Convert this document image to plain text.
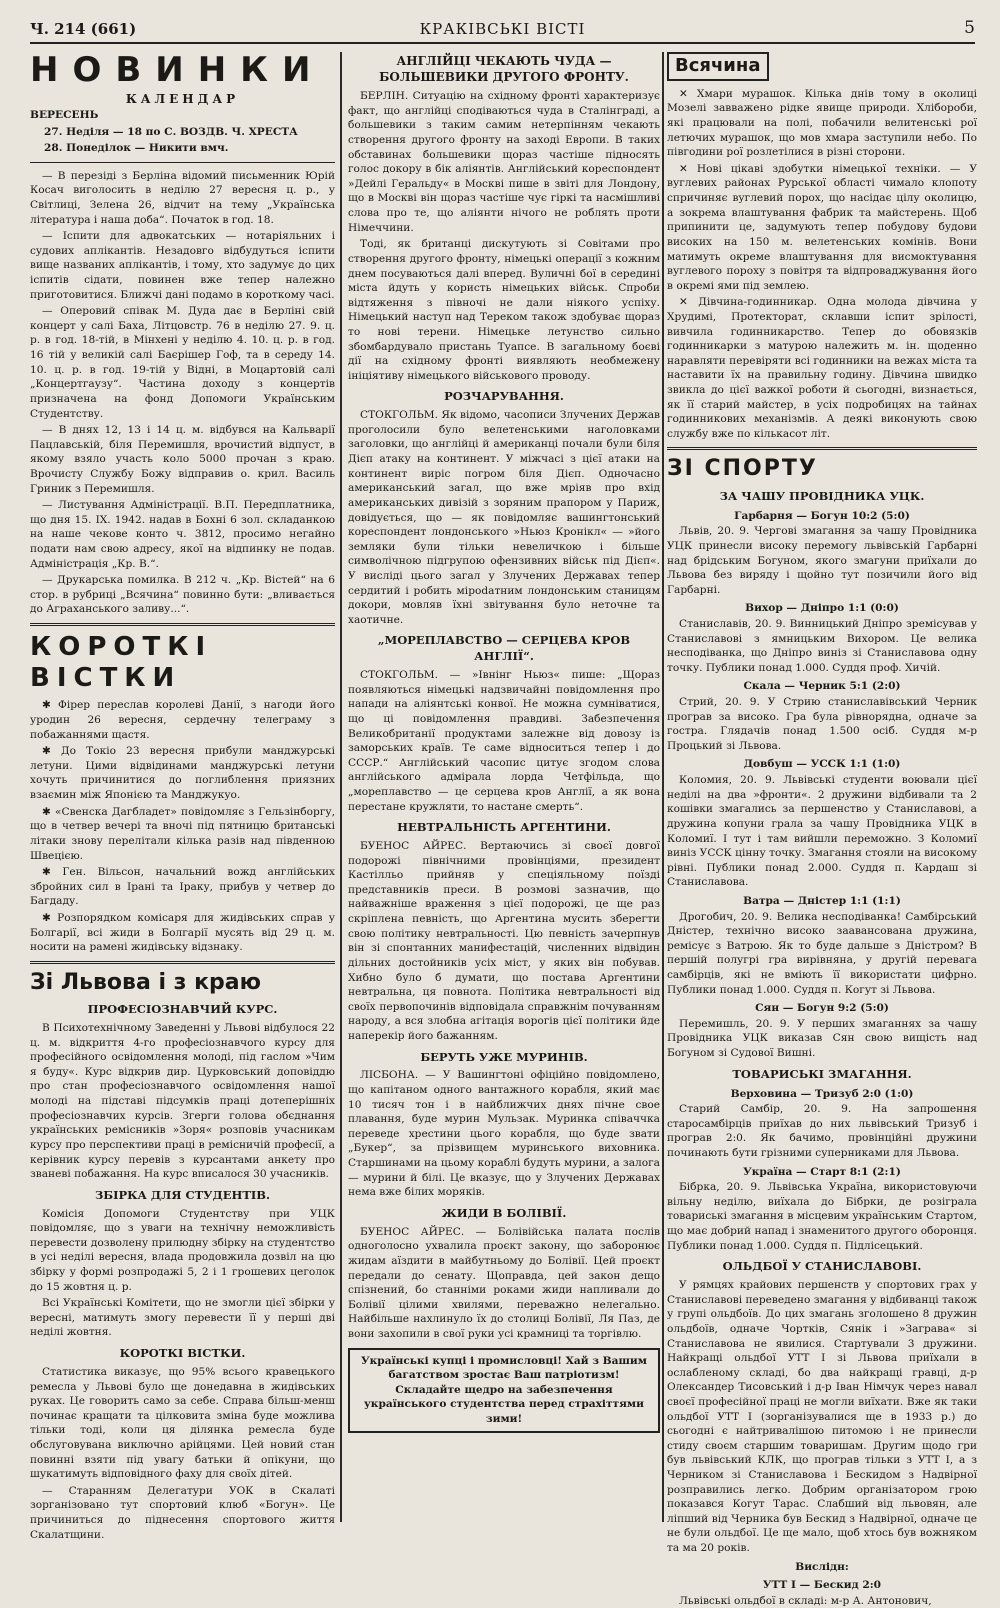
Ч. 214 (661)	КРАКІВСЬКІ ВІСТІ	5
НОВИНКИ
КАЛЕНДАР

ВЕРЕСЕНЬ

27. Неділя — 18 по С. ВОЗДВ. Ч. ХРЕСТА

28. Понеділок — Никити вмч.

— В перезіді з Берліна відомий письменник Юрій Косач виголосить в неділю 27 вересня ц. р., у Світлиці, Зелена 26, відчит на тему „Українська література і наша доба“. Початок в год. 18.

— Іспити для адвокатських — нотаріяльних і судових аплікантів. Незадовго відбудуться іспити вище названих аплікантів, і тому, хто задумує до цих іспитів сідати, повинен вже тепер належно приготовитися. Ближчі дані подамо в короткому часі.

— Оперовий співак М. Дуда дає в Берліні свій концерт у салі Баха, Літцовстр. 76 в неділю 27. 9. ц. р. в год. 18-тій, в Мінхені у неділю 4. 10. ц. р. в год. 16 тій у великій салі Баєрішер Гоф, та в середу 14. 10. ц. р. в год. 19-тій у Відні, в Моцартовій салі „Концертгаузу“. Частина доходу з концертів призначена на фонд Допомоги Українським Студентству.

— В днях 12, 13 і 14 ц. м. відбувся на Кальварії Пацлавській, біля Перемишля, врочистий відпуст, в якому взяло участь коло 5000 прочан з краю. Врочисту Службу Божу відправив о. крил. Василь Гриник з Перемишля.

— Листування Адміністрації. В.П. Передплатника, що дня 15. IX. 1942. надав в Бохні 6 зол. складанкою на наше чекове конто ч. 3812, просимо негайно подати нам свою адресу, якої на відпинку не подав. Адміністрація „Кр. В.“.

— Друкарська помилка. В 212 ч. „Кр. Вістей“ на 6 стор. в рубриці „Всячина“ повинно бути: „вливається до Аграханського заливу...“.

КОРОТКІ ВІСТКИ

✱ Фірер переслав королеві Данії, з нагоди його уродин 26 вересня, сердечну телеграму з побажаннями щастя.

✱ До Токіо 23 вересня прибули манджурські летуни. Цими відвідинами манджурські летуни хочуть причинитися до поглиблення приязних взаємин між Японією та Манджукуо.

✱ «Свенска Дагбладет» повідомляє з Гельзінборгу, що в четвер вечері та вночі під пятницю британські літаки знову перелітали кілька разів над південною Швецією.

✱ Ген. Вільсон, начальний вожд англійських збройних сил в Ірані та Іраку, прибув у четвер до Багдаду.

✱ Розпорядком комісаря для жидівських справ у Болгарії, всі жиди в Болгарії мусять від 29 ц. м. носити на рамені жидівську відзнаку.

Зі Львова і з краю

ПРОФЕСІОЗНАВЧИЙ КУРС.

В Психотехнічному Заведенні у Львові відбулося 22 ц. м. відкриття 4-го професіознавчого курсу для професійного освідомлення молоді, під гаслом »Чим я буду«. Курс відкрив дир. Цурковський доповіддю про стан професіознавчого освідомлення нашої молоді на підставі підсумків праці дотеперішніх професіознавчих курсів. Згерги голова обєднання українських ремісників »Зоря« розповів учасникам курсу про перспективи праці в ремісничій професії, а керівник курсу перевів з курсантами анкету про званеві побажання. На курс вписалося 30 учасників.

ЗБІРКА ДЛЯ СТУДЕНТІВ.

Комісія Допомоги Студентству при УЦК повідомляє, що з уваги на технічну неможливість перевести дозволену прилюдну збірку на студентство в усі неділі вересня, влада продовжила дозвіл на цю збірку у формі розпродажі 5, 2 і 1 грошевих цеголок до 15 жовтня ц. р.

Всі Українські Комітети, що не змогли цієї збірки у вересні, матимуть змогу перевести її у перші дві неділі жовтня.

КОРОТКІ ВІСТКИ.

Статистика виказує, що 95% всього кравецького ремесла у Львові було ще донедавна в жидівських руках. Це говорить само за себе. Справа більш-менш починає кращати та цілковита зміна буде можлива тільки тоді, коли ця ділянка ремесла буде обслуговувана виключно арійцями. Цей новий стан повинні взяти під увагу батьки й опікуни, що шукатимуть відповідного фаху для своїх дітей.

— Старанням Делегатури УОК в Скалаті зорганізовано тут спортовий клюб «Богун». Це причиниться до піднесення спортового життя Скалатщини.

АНГЛІЙЦІ ЧЕКАЮТЬ ЧУДА — БОЛЬШЕВИКИ ДРУГОГО ФРОНТУ.

БЕРЛІН. Ситуацію на східному фронті характеризує факт, що англійці сподіваються чуда в Сталінграді, а большевики з таким самим нетерпінням чекають створення другого фронту на заході Европи. В таких обставинах большевики щораз частіше підносять голос докору в бік аліянтів. Англійський кореспондент »Дейлі Геральду« в Москві пише в звіті для Лондону, що в Москві він щораз частіше чує гіркі та насмішливі слова про те, що аліянти нічого не роблять проти Німеччини.

Тоді, як британці дискутують зі Совітами про створення другого фронту, німецькі операції з кожним днем посуваються далі вперед. Вуличні бої в середині міста йдуть у користь німецьких військ. Спроби відтяження з півночі не дали ніякого успіху. Німецький наступ над Тереком також здобуває щораз то нові терени. Німецьке летунство сильно збомбардувало пристань Туапсе. В загальному боєві дії на східному фронті виявляють необмежену ініціятиву німецького військового проводу.

РОЗЧАРУВАННЯ.

СТОКГОЛЬМ. Як відомо, часописи Злучених Держав проголосили було велетенськими наголовками заголовки, що англійці й американці почали були біля Дієп атаку на континент. У міжчасі з цієї атаки на континент виріс погром біля Дієп. Одночасно американський загал, що вже мріяв про вхід американських дивізій з зоряним прапором у Париж, довідується, що — як повідомляє вашингтонський кореспондент лондонського »Ньюз Кронікл« — »його земляки були тільки невеличкою і більше символічною підгрупою офензивних військ під Дієп«. У висліді цього загал у Злучених Державах тепер сердитий і робить мірodатним лондонським станицям докори, мовляв їхні звітування було неточне та хаотичне.

„МОРЕПЛАВСТВО — СЕРЦЕВА КРОВ АНГЛІЇ“.

СТОКГОЛЬМ. — »Івнінг Ньюз« пише: „Щораз появляються німецькі надзвичайні повідомлення про напади на аліянтські конвої. Не можна сумніватися, що ці повідомлення правдиві. Забезпечення Великобританії продуктами залежне від довозу із заморських країв. Те саме відноситься тепер і до СССР.“ Англійський часопис цитує згодом слова англійського адмірала лорда Четфільда, що „мореплавство — це серцева кров Англії, а як вона перестане кружляти, то настане смерть“.

НЕВТРАЛЬНІСТЬ АРГЕНТИНИ.

БУЕНОС АЙРЕС. Вертаючись зі своєї довгої подорожі північними провінціями, президент Кастілльо прийняв у спеціяльному поїзді представників преси. В розмові зазначив, що найважніше враження з цієї подорожі, це ще раз скріплена певність, що Аргентина мусить зберегти свою політику невтральності. Цю певність зачерпнув він зі спонтанних манифестацій, численних відвідин дільних достойників усіх міст, у яких він побував. Хибно було б думати, що постава Аргентини невтральна, ця повнота. Політика невтральності від своїх первопочинів відповідала справжнім почуванням народу, а вся злобна агітація ворогів цієї політики йде наперекір його бажанням.

БЕРУТЬ УЖЕ МУРИНІВ.

ЛІСБОНА. — У Вашингтоні офіційно повідомлено, що капітаном одного вантажного корабля, який має 10 тисяч тон і в найближчих днях пічне свое плавання, буде мурин Мульзак. Муринка співаччка переведе хрестини цього корабля, що буде звати „Букер“, за прізвищем муринського виховника. Старшинами на цьому кораблі будуть мурини, а залога — мурини й білі. Це вказує, що у Злучених Державах нема вже білих моряків.

ЖИДИ В БОЛІВІЇ.

БУЕНОС АЙРЕС. — Болівійська палата послів одноголосно ухвалила проєкт закону, що заборонює жидам аїздити в майбутньому до Болівії. Цей проєкт передали до сенату. Щоправда, цей закон дещо спізнений, бо станніми роками жиди напливали до Болівії цілими хвилями, переважно нелегально. Найбільше нахлинуло їх до столиці Болівії, Ля Паз, де вони захопили в свої руки усі крамниці та торгівлю.

Українські купці і промисловці! Хай з Вашим багатством зростає Ваш патріотизм! Складайте щедро на забезпечення українського студентства перед страхіттями зими!

Всячина

✕ Хмари мурашок. Кілька днів тому в околиці Мозелі завважено рідке явище природи. Хлібороби, які працювали на полі, побачили велитенські рої летючих мурашок, що мов хмара заступили небо. По півгодини рої розлетілися в різні сторони.

✕ Нові цікаві здобутки німецької техніки. — У вуглевих районах Рурської області чимало клопоту спричиняє вуглевий порох, що насідає цілу околицю, а зокрема влаштування фабрик та майстерень. Щоб припинити це, задумують тепер побудову будови високих на 150 м. велетенських комінів. Вони матимуть окреме влаштування для висмоктування вуглевого пороху з повітря та відпроваджування його в окремі ями під землею.

✕ Дівчина-годинникар. Одна молода дівчина у Хрудимі, Протекторат, склавши іспит зрілості, вивчила годинникарство. Тепер до обовязків годинникарки з матурою належить м. ін. щоденно наравляти перевіряти всі годинники на вежах міста та наставити їх на правильну годину. Дівчина швидко звикла до цієї важкої роботи й сьогодні, визнається, як її старий майстер, в усіх подробицях на тайнах годинникових механізмів. А деякі виконують свою службу вже по кількасот літ.

ЗІ СПОРТУ

ЗА ЧАШУ ПРОВІДНИКА УЦК.

Гарбарня — Богун 10:2 (5:0)

Львів, 20. 9. Чергові змагання за чашу Провідника УЦК принесли високу перемогу львівській Гарбарні над брідським Богуном, якого змагуни приїхали до Львова без виряду і щойно тут позичили його від Гарбарні.

Вихор — Дніпро 1:1 (0:0)

Станиславів, 20. 9. Винницький Дніпро зремісував у Станиславові з ямницьким Вихором. Це велика несподіванка, що Дніпро виніз зі Станиславова одну точку. Публики понад 1.000. Суддя проф. Хичій.

Скала — Черник 5:1 (2:0)

Стрий, 20. 9. У Стрию станиславівський Черник програв за високо. Гра була рівнорядна, одначе за гостра. Глядачів понад 1.500 осіб. Суддя м-р Процький зі Львова.

Довбуш — УССК 1:1 (1:0)

Коломия, 20. 9. Львівські студенти воювали цієї неділі на два »фронти«. 2 дружини відбивали та 2 кошівки змагались за першенство у Станиславові, а дружина копуни грала за чашу Провідника УЦК в Коломиї. І тут і там вийшли переможно. З Коломиї виніз УССК цінну точку. Змагання стояли на високому рівні. Публики понад 2.000. Суддя п. Кардаш зі Станиславова.

Ватра — Дністер 1:1 (1:1)

Дрогобич, 20. 9. Велика несподіванка! Самбірський Дністер, технічно високо зааванcована дружина, ремісує з Ватрою. Як то буде дальше з Дністром? В першій полугрі гра вирівняна, у другій перевага самбірців, які не вміють її використати цифрно. Публики понад 1.000. Суддя п. Когут зі Львова.

Сян — Богун 9:2 (5:0)

Перемишль, 20. 9. У перших змаганнях за чашу Провідника УЦК виказав Сян свою вищість над Богуном зі Судової Вишні.

ТОВАРИСЬКІ ЗМАГАННЯ.

Верховина — Тризуб 2:0 (1:0)

Старий Самбір, 20. 9. На запрошення старосамбірців приїхав до них львівський Тризуб і програв 2:0. Як бачимо, провінційні дружини починають бути грізними суперниками для Львова.

Україна — Старт 8:1 (2:1)

Бібрка, 20. 9. Львівська Україна, використовуючи вільну неділю, виїхала до Бібрки, де розіграла товариські змагання в місцевим українським Стартом, що має добрий напад і знаменитого другого оборонця. Публики понад 1.000. Суддя п. Підлісецький.

ОЛЬДБОЇ У СТАНИСЛАВОВІ.

У рямцях крайових першенств у спортових грах у Станиславові переведено змагання у відбиванці також у групі ольдбоїв. До цих змагань зголошено 8 дружин ольдбоїв, одначе Чортків, Сянік і »Заграва« зі Станиславова не явилися. Стартували 3 дружини. Найкращі ольдбої УТТ I зі Львова приїхали в ослабленому складі, бо два найкращі гравці, д-р Олександер Тисовський і д-р Іван Німчук через навал своєї професійної праці не могли виїхати. Вже як таки ольдбої УТТ I (зорганізувалися ще в 1933 р.) до сьогодні є найтривалішою питомою і не принесли стиду своєм старшим товаришам. Другим щодо гри був львівський КЛК, що програв тільки з УТТ I, а з Черником зі Станиславова і Бескидом з Надвірної розправились легко. Добрим організатором грою показався Когут Тарас. Слабший від львовян, але ліпший від Черника був Бескид з Надвірної, одначе це не були ольдбої. Це ще мало, щоб хтось був вожняком та ма 20 років.

Вислідн:

УТТ І — Бескид 2:0

Львівські ольдбої в складі: м-р А. Антонович,
